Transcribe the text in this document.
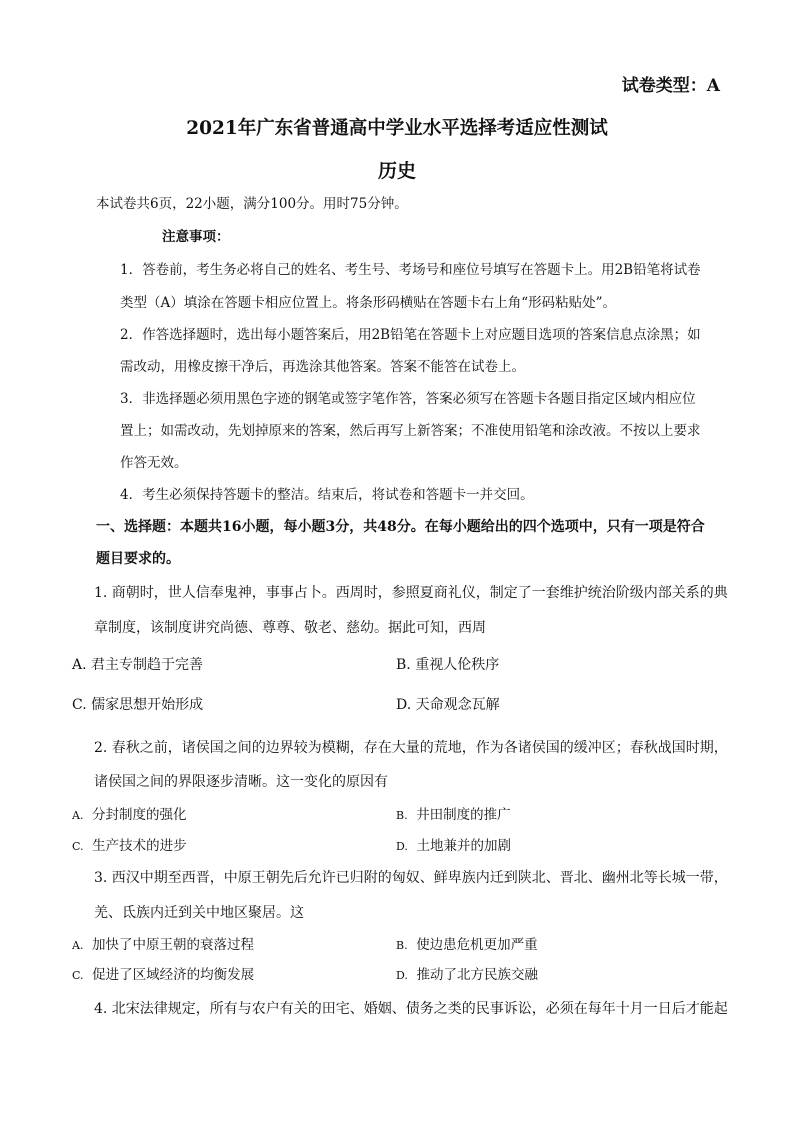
试卷类型：A
2021年广东省普通高中学业水平选择考适应性测试
历史
本试卷共6页，22小题，满分100分。用时75分钟。
注意事项：
1．答卷前，考生务必将自己的姓名、考生号、考场号和座位号填写在答题卡上。用2B铅笔将试卷
类型（A）填涂在答题卡相应位置上。将条形码横贴在答题卡右上角“形码粘贴处”。
2．作答选择题时，选出每小题答案后，用2B铅笔在答题卡上对应题目选项的答案信息点涂黑；如
需改动，用橡皮擦干净后，再选涂其他答案。答案不能答在试卷上。
3．非选择题必须用黑色字迹的钢笔或签字笔作答，答案必须写在答题卡各题目指定区域内相应位
置上；如需改动，先划掉原来的答案，然后再写上新答案；不准使用铅笔和涂改液。不按以上要求
作答无效。
4．考生必须保持答题卡的整洁。结束后，将试卷和答题卡一并交回。
一、选择题：本题共16小题，每小题3分，共48分。在每小题给出的四个选项中，只有一项是符合
题目要求的。
1. 商朝时，世人信奉鬼神，事事占卜。西周时，参照夏商礼仪，制定了一套维护统治阶级内部关系的典
章制度，该制度讲究尚德、尊尊、敬老、慈幼。据此可知，西周
A. 君主专制趋于完善	B. 重视人伦秩序
C. 儒家思想开始形成	D. 天命观念瓦解
2. 春秋之前，诸侯国之间的边界较为模糊，存在大量的荒地，作为各诸侯国的缓冲区；春秋战国时期，
诸侯国之间的界限逐步清晰。这一变化的原因有
A. 分封制度的强化	B. 井田制度的推广
C. 生产技术的进步	D. 土地兼并的加剧
3. 西汉中期至西晋，中原王朝先后允许已归附的匈奴、鲜卑族内迁到陕北、晋北、幽州北等长城一带，
羌、氐族内迁到关中地区聚居。这
A. 加快了中原王朝的衰落过程	B. 使边患危机更加严重
C. 促进了区域经济的均衡发展	D. 推动了北方民族交融
4. 北宋法律规定，所有与农户有关的田宅、婚姻、债务之类的民事诉讼，必须在每年十月一日后才能起
